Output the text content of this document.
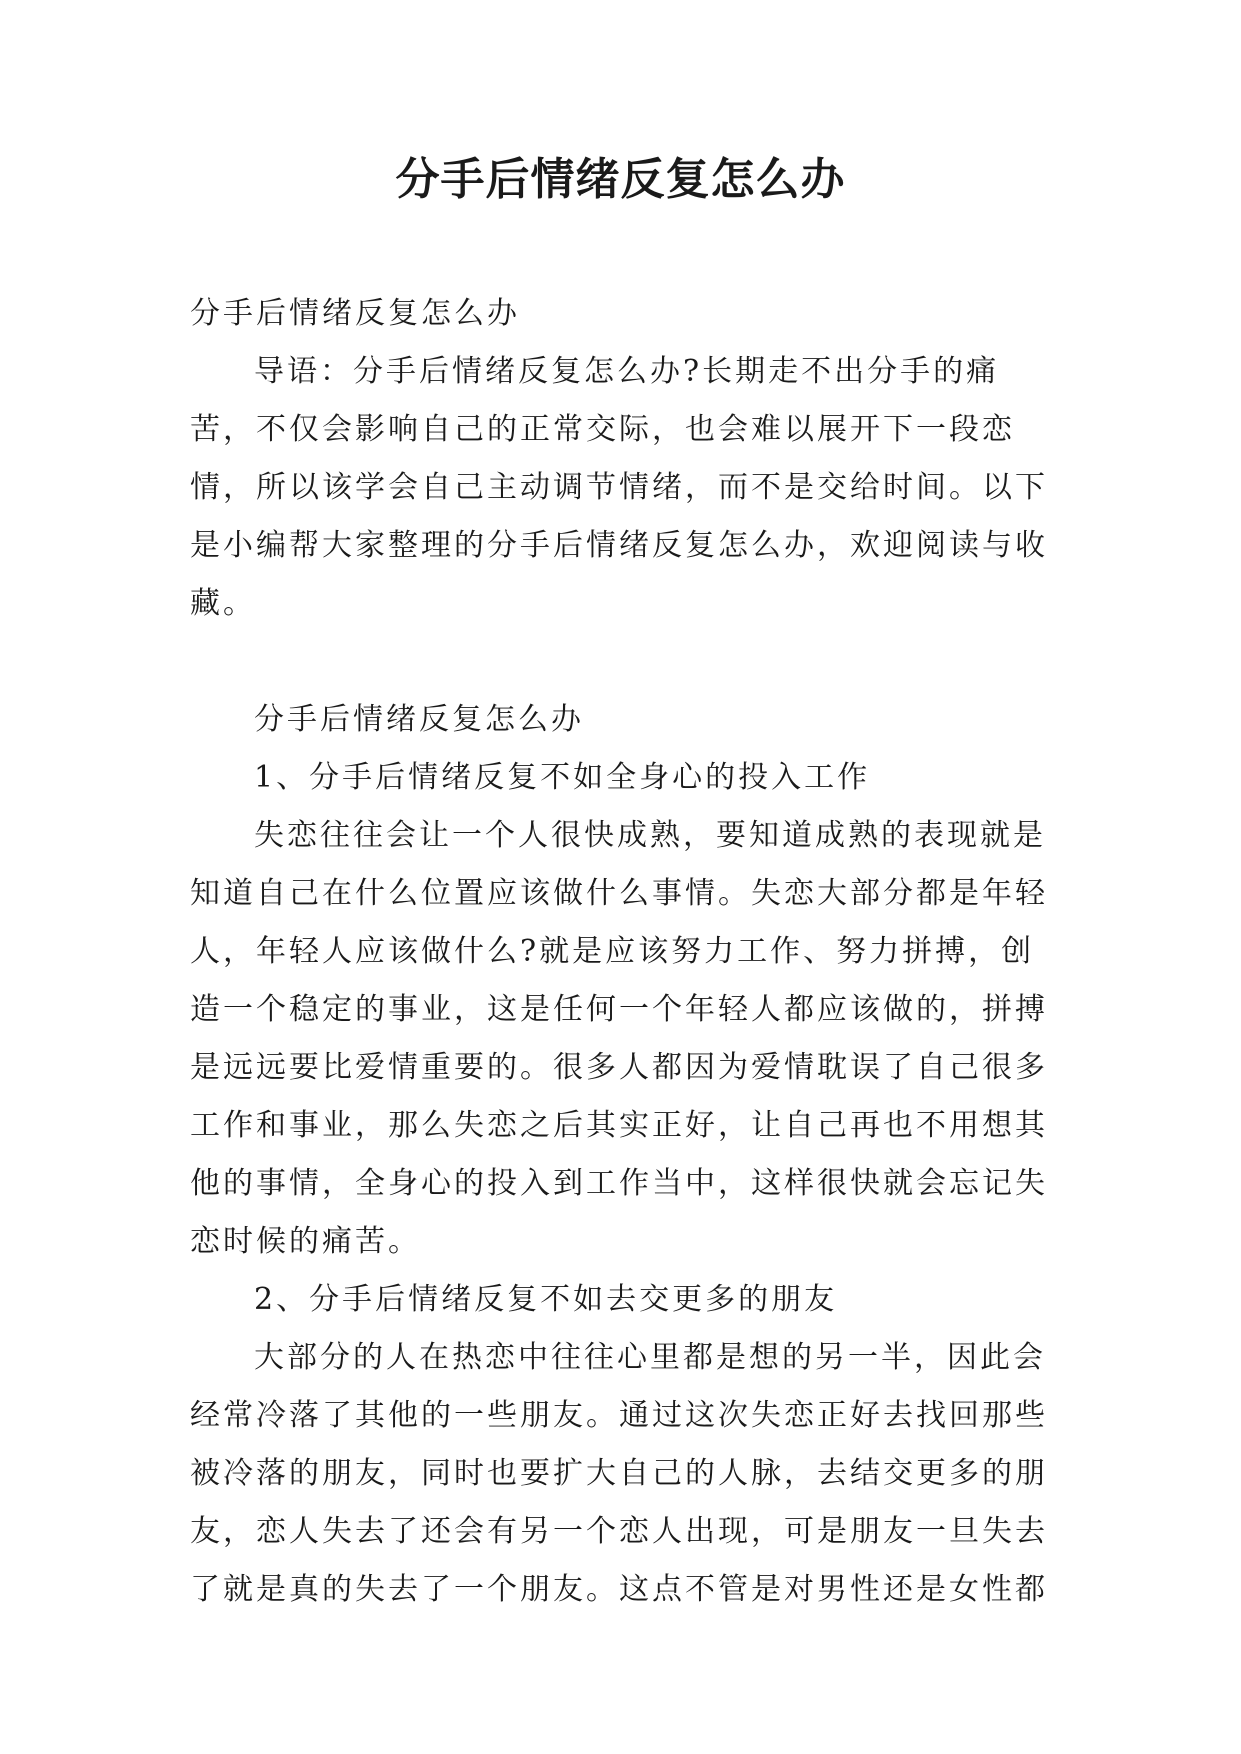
分手后情绪反复怎么办

分手后情绪反复怎么办

导语：分手后情绪反复怎么办?长期走不出分手的痛苦，不仅会影响自己的正常交际，也会难以展开下一段恋情，所以该学会自己主动调节情绪，而不是交给时间。以下是小编帮大家整理的分手后情绪反复怎么办，欢迎阅读与收藏。

分手后情绪反复怎么办

1、分手后情绪反复不如全身心的投入工作

失恋往往会让一个人很快成熟，要知道成熟的表现就是知道自己在什么位置应该做什么事情。失恋大部分都是年轻人，年轻人应该做什么?就是应该努力工作、努力拼搏，创造一个稳定的事业，这是任何一个年轻人都应该做的，拼搏是远远要比爱情重要的。很多人都因为爱情耽误了自己很多工作和事业，那么失恋之后其实正好，让自己再也不用想其他的事情，全身心的投入到工作当中，这样很快就会忘记失恋时候的痛苦。

2、分手后情绪反复不如去交更多的朋友

大部分的人在热恋中往往心里都是想的另一半，因此会经常冷落了其他的一些朋友。通过这次失恋正好去找回那些被冷落的朋友，同时也要扩大自己的人脉，去结交更多的朋友，恋人失去了还会有另一个恋人出现，可是朋友一旦失去了就是真的失去了一个朋友。这点不管是对男性还是女性都
